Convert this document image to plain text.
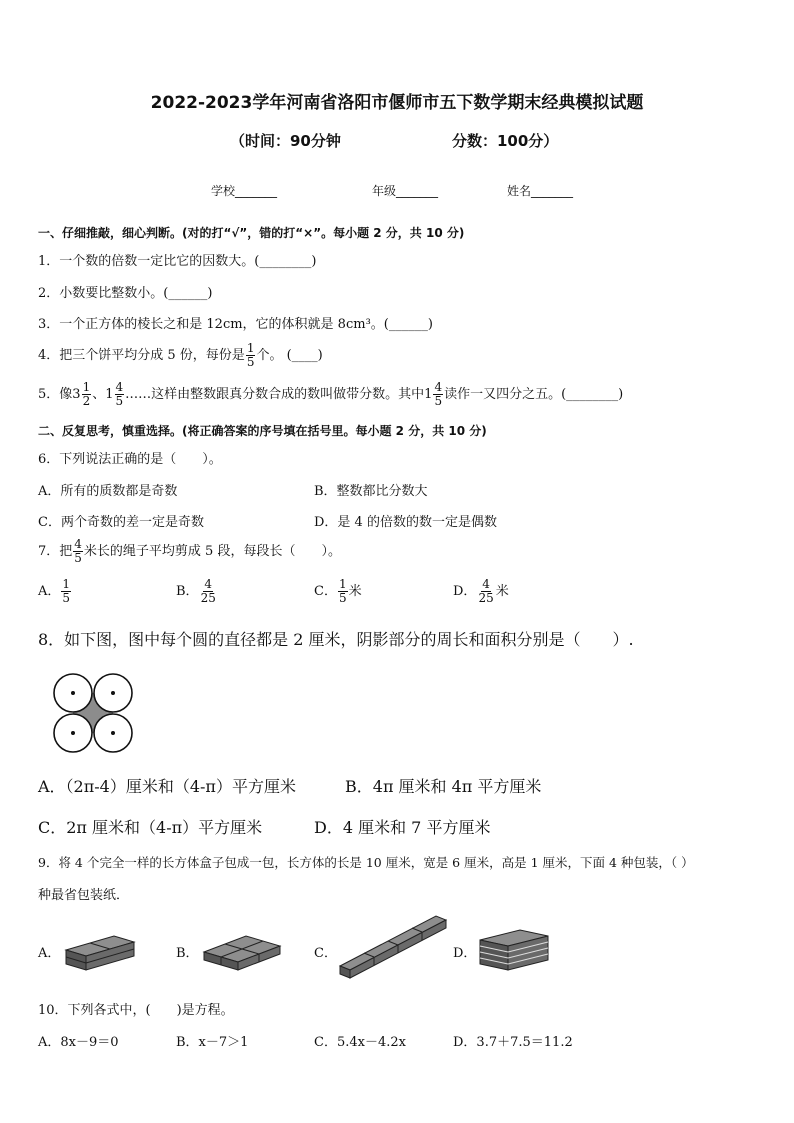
2022-2023学年河南省洛阳市偃师市五下数学期末经典模拟试题
（时间：90分钟	分数：100分）
学校_______	年级_______	姓名_______
一、仔细推敲，细心判断。(对的打“√”，错的打“×”。每小题 2 分，共 10 分)
1．一个数的倍数一定比它的因数大。(________)
2．小数要比整数小。(______)
3．一个正方体的棱长之和是 12cm，它的体积就是 8cm³。(______)
4．把三个饼平均分成 5 份，每份是 $\frac{1}{5}$ 个。 (____)
5．像$3 \frac{1}{2}$ 、$1 \frac{4}{5}$ ……这样由整数跟真分数合成的数叫做带分数。其中$1 \frac{4}{5}$ 读作一又四分之五。(________)
二、反复思考，慎重选择。(将正确答案的序号填在括号里。每小题 2 分，共 10 分)
6．下列说法正确的是（　　）。
A．所有的质数都是奇数	B．整数都比分数大
C．两个奇数的差一定是奇数	D．是 4 的倍数的数一定是偶数
7．把 $\frac{4}{5}$ 米长的绳子平均剪成 5 段，每段长（　　）。
A． $\frac{1}{5}$	B． $\frac{4}{25}$	C． $\frac{1}{5}$ 米	D． $\frac{4}{25}$ 米
8．如下图，图中每个圆的直径都是 2 厘米，阴影部分的周长和面积分别是（　　）.
A．（2π-4）厘米和（4-π）平方厘米	B．4π 厘米和 4π 平方厘米
C．2π 厘米和（4-π）平方厘米	D．4 厘米和 7 平方厘米
9．将 4 个完全一样的长方体盒子包成一包，长方体的长是 10 厘米，宽是 6 厘米，高是 1 厘米，下面 4 种包装，（ ）
种最省包装纸．
A．	B．	C．	D．
10．下列各式中，(　　)是方程。
A．8x－9＝0	B．x－7＞1	C．5.4x－4.2x	D．3.7＋7.5＝11.2
